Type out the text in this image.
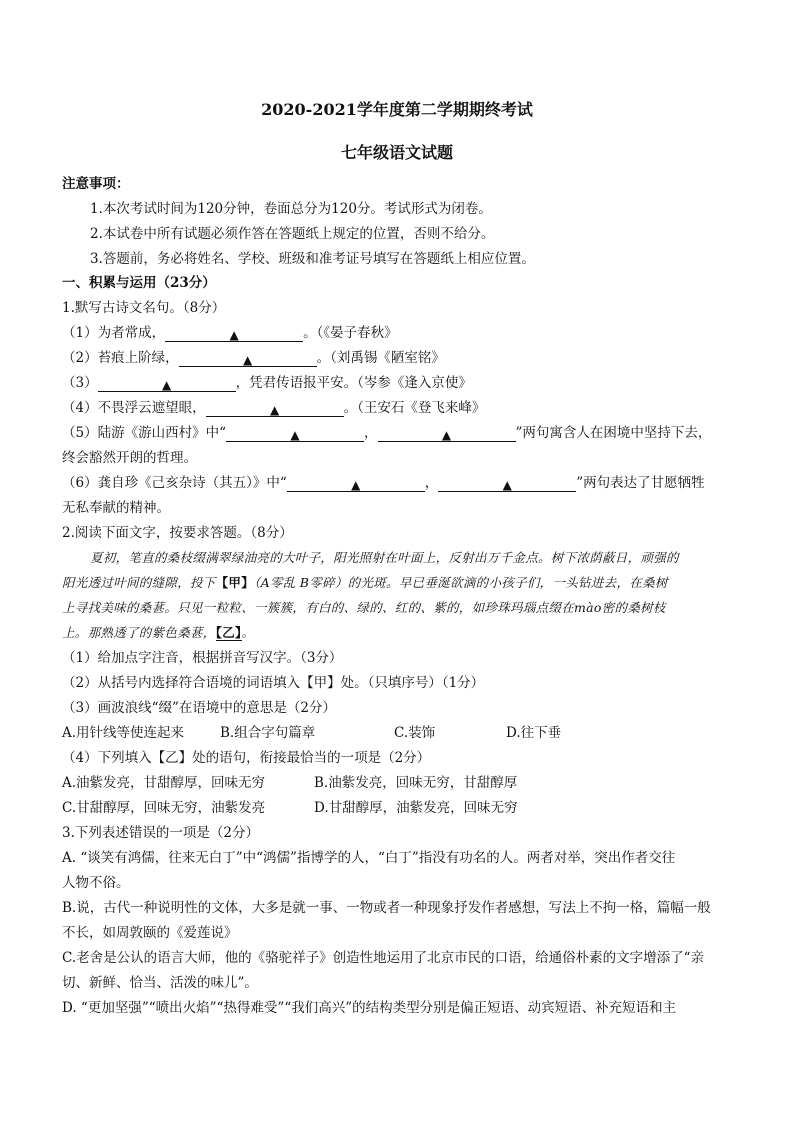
2020-2021学年度第二学期期终考试
七年级语文试题
注意事项：
1.本次考试时间为120分钟，卷面总分为120分。考试形式为闭卷。
2.本试卷中所有试题必须作答在答题纸上规定的位置，否则不给分。
3.答题前，务必将姓名、学校、班级和准考证号填写在答题纸上相应位置。
一、积累与运用（23分）
1.默写古诗文名句。（8分）
（1）为者常成，	▲	。（《晏子春秋》
（2）苔痕上阶绿，	▲	。（刘禹锡《陋室铭》
（3）	▲	，凭君传语报平安。（岑参《逢入京使》
（4）不畏浮云遮望眼，	▲	。（王安石《登飞来峰》
（5）陆游《游山西村》中“	▲	，	▲	”两句寓含人在困境中坚持下去，
终会豁然开朗的哲理。
（6）龚自珍《己亥杂诗（其五）》中“	▲	，	▲	”两句表达了甘愿牺牲
无私奉献的精神。
2.阅读下面文字，按要求答题。（8分）
夏初，笔直的桑枝缀满翠绿油亮的大叶子，阳光照射在叶面上，反射出万千金点。树下浓荫蔽日，顽强的
阳光透过叶间的缝隙，投下【甲】（A零乱 B零碎）的光斑。早已垂涎欲滴的小孩子们，一头钻进去，在桑树
上寻找美味的桑葚。只见一粒粒、一簇簇，有白的、绿的、红的、紫的，如珍珠玛瑙点缀在mào密的桑树枝
上。那熟透了的紫色桑葚，【乙】。
（1）给加点字注音，根据拼音写汉字。（3分）
（2）从括号内选择符合语境的词语填入【甲】处。（只填序号）（1分）
（3）画波浪线“缀”在语境中的意思是（2分）
A.用针线等使连起来	B.组合字句篇章	C.装饰	D.往下垂
（4）下列填入【乙】处的语句，衔接最恰当的一项是（2分）
A.油紫发亮，甘甜醇厚，回味无穷	B.油紫发亮，回味无穷，甘甜醇厚
C.甘甜醇厚，回味无穷，油紫发亮	D.甘甜醇厚，油紫发亮，回味无穷
3.下列表述错误的一项是（2分）
A. “谈笑有鸿儒，往来无白丁”中“鸿儒”指博学的人，“白丁”指没有功名的人。两者对举，突出作者交往
人物不俗。
B.说，古代一种说明性的文体，大多是就一事、一物或者一种现象抒发作者感想，写法上不拘一格，篇幅一般
不长，如周敦颐的《爱莲说》
C.老舍是公认的语言大师，他的《骆驼祥子》创造性地运用了北京市民的口语，给通俗朴素的文字增添了“亲
切、新鲜、恰当、活泼的味儿”。
D. “更加坚强”“喷出火焰”“热得难受”“我们高兴”的结构类型分别是偏正短语、动宾短语、补充短语和主
